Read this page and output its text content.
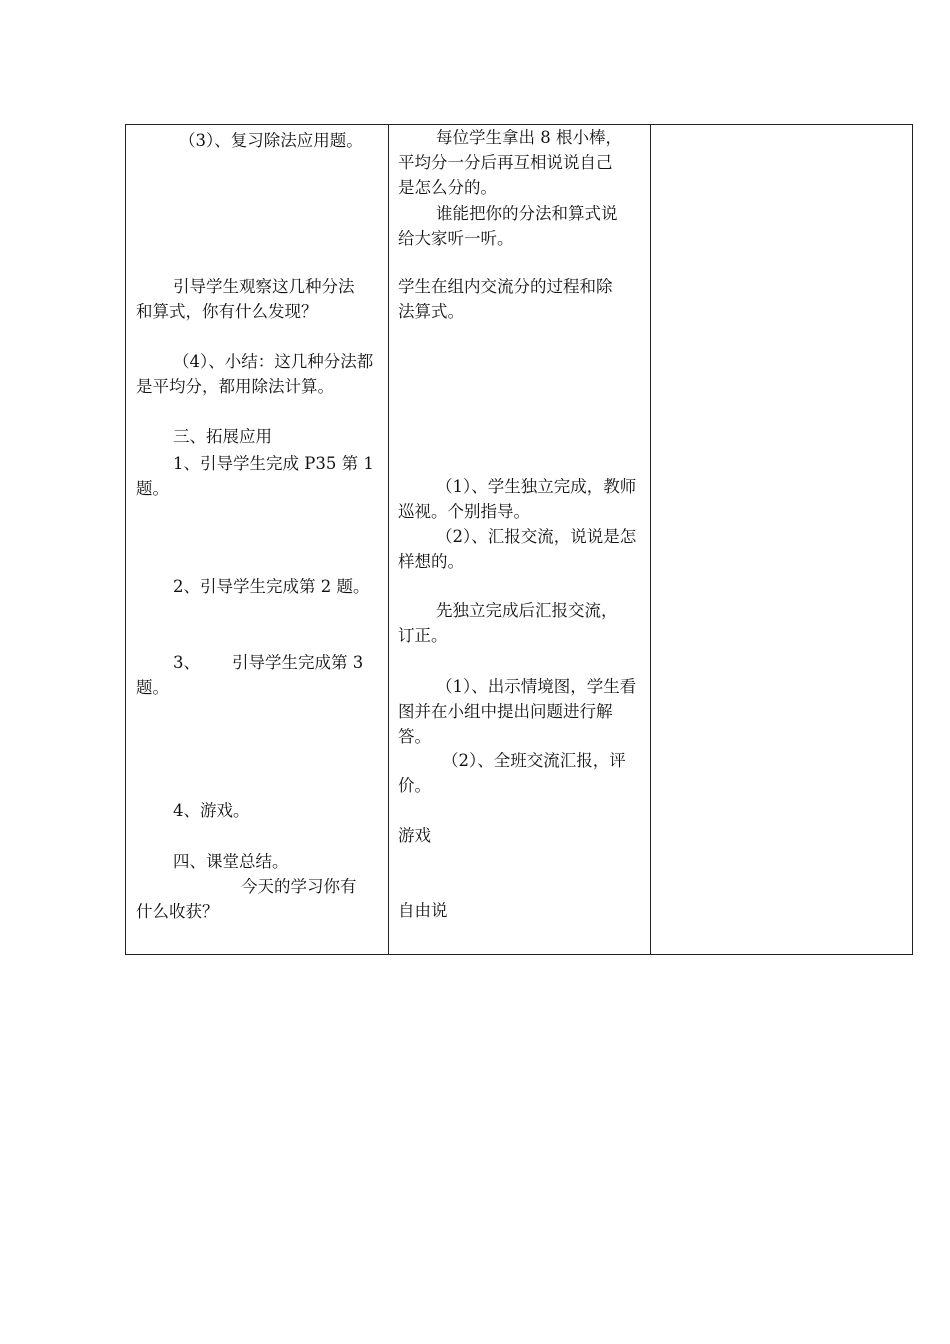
（3）、复习除法应用题。
引导学生观察这几种分法
和算式，你有什么发现？
（4）、小结：这几种分法都
是平均分，都用除法计算。
三、拓展应用
1、引导学生完成 P35 第 1
题。
2、引导学生完成第 2 题。
3、 引导学生完成第 3
题。
4、游戏。
四、课堂总结。
今天的学习你有
什么收获？
每位学生拿出 8 根小棒，
平均分一分后再互相说说自己
是怎么分的。
谁能把你的分法和算式说
给大家听一听。
学生在组内交流分的过程和除
法算式。
（1）、学生独立完成，教师
巡视。个别指导。
（2）、汇报交流，说说是怎
样想的。
先独立完成后汇报交流，
订正。
（1）、出示情境图，学生看
图并在小组中提出问题进行解
答。
（2）、全班交流汇报，评
价。
游戏
自由说
